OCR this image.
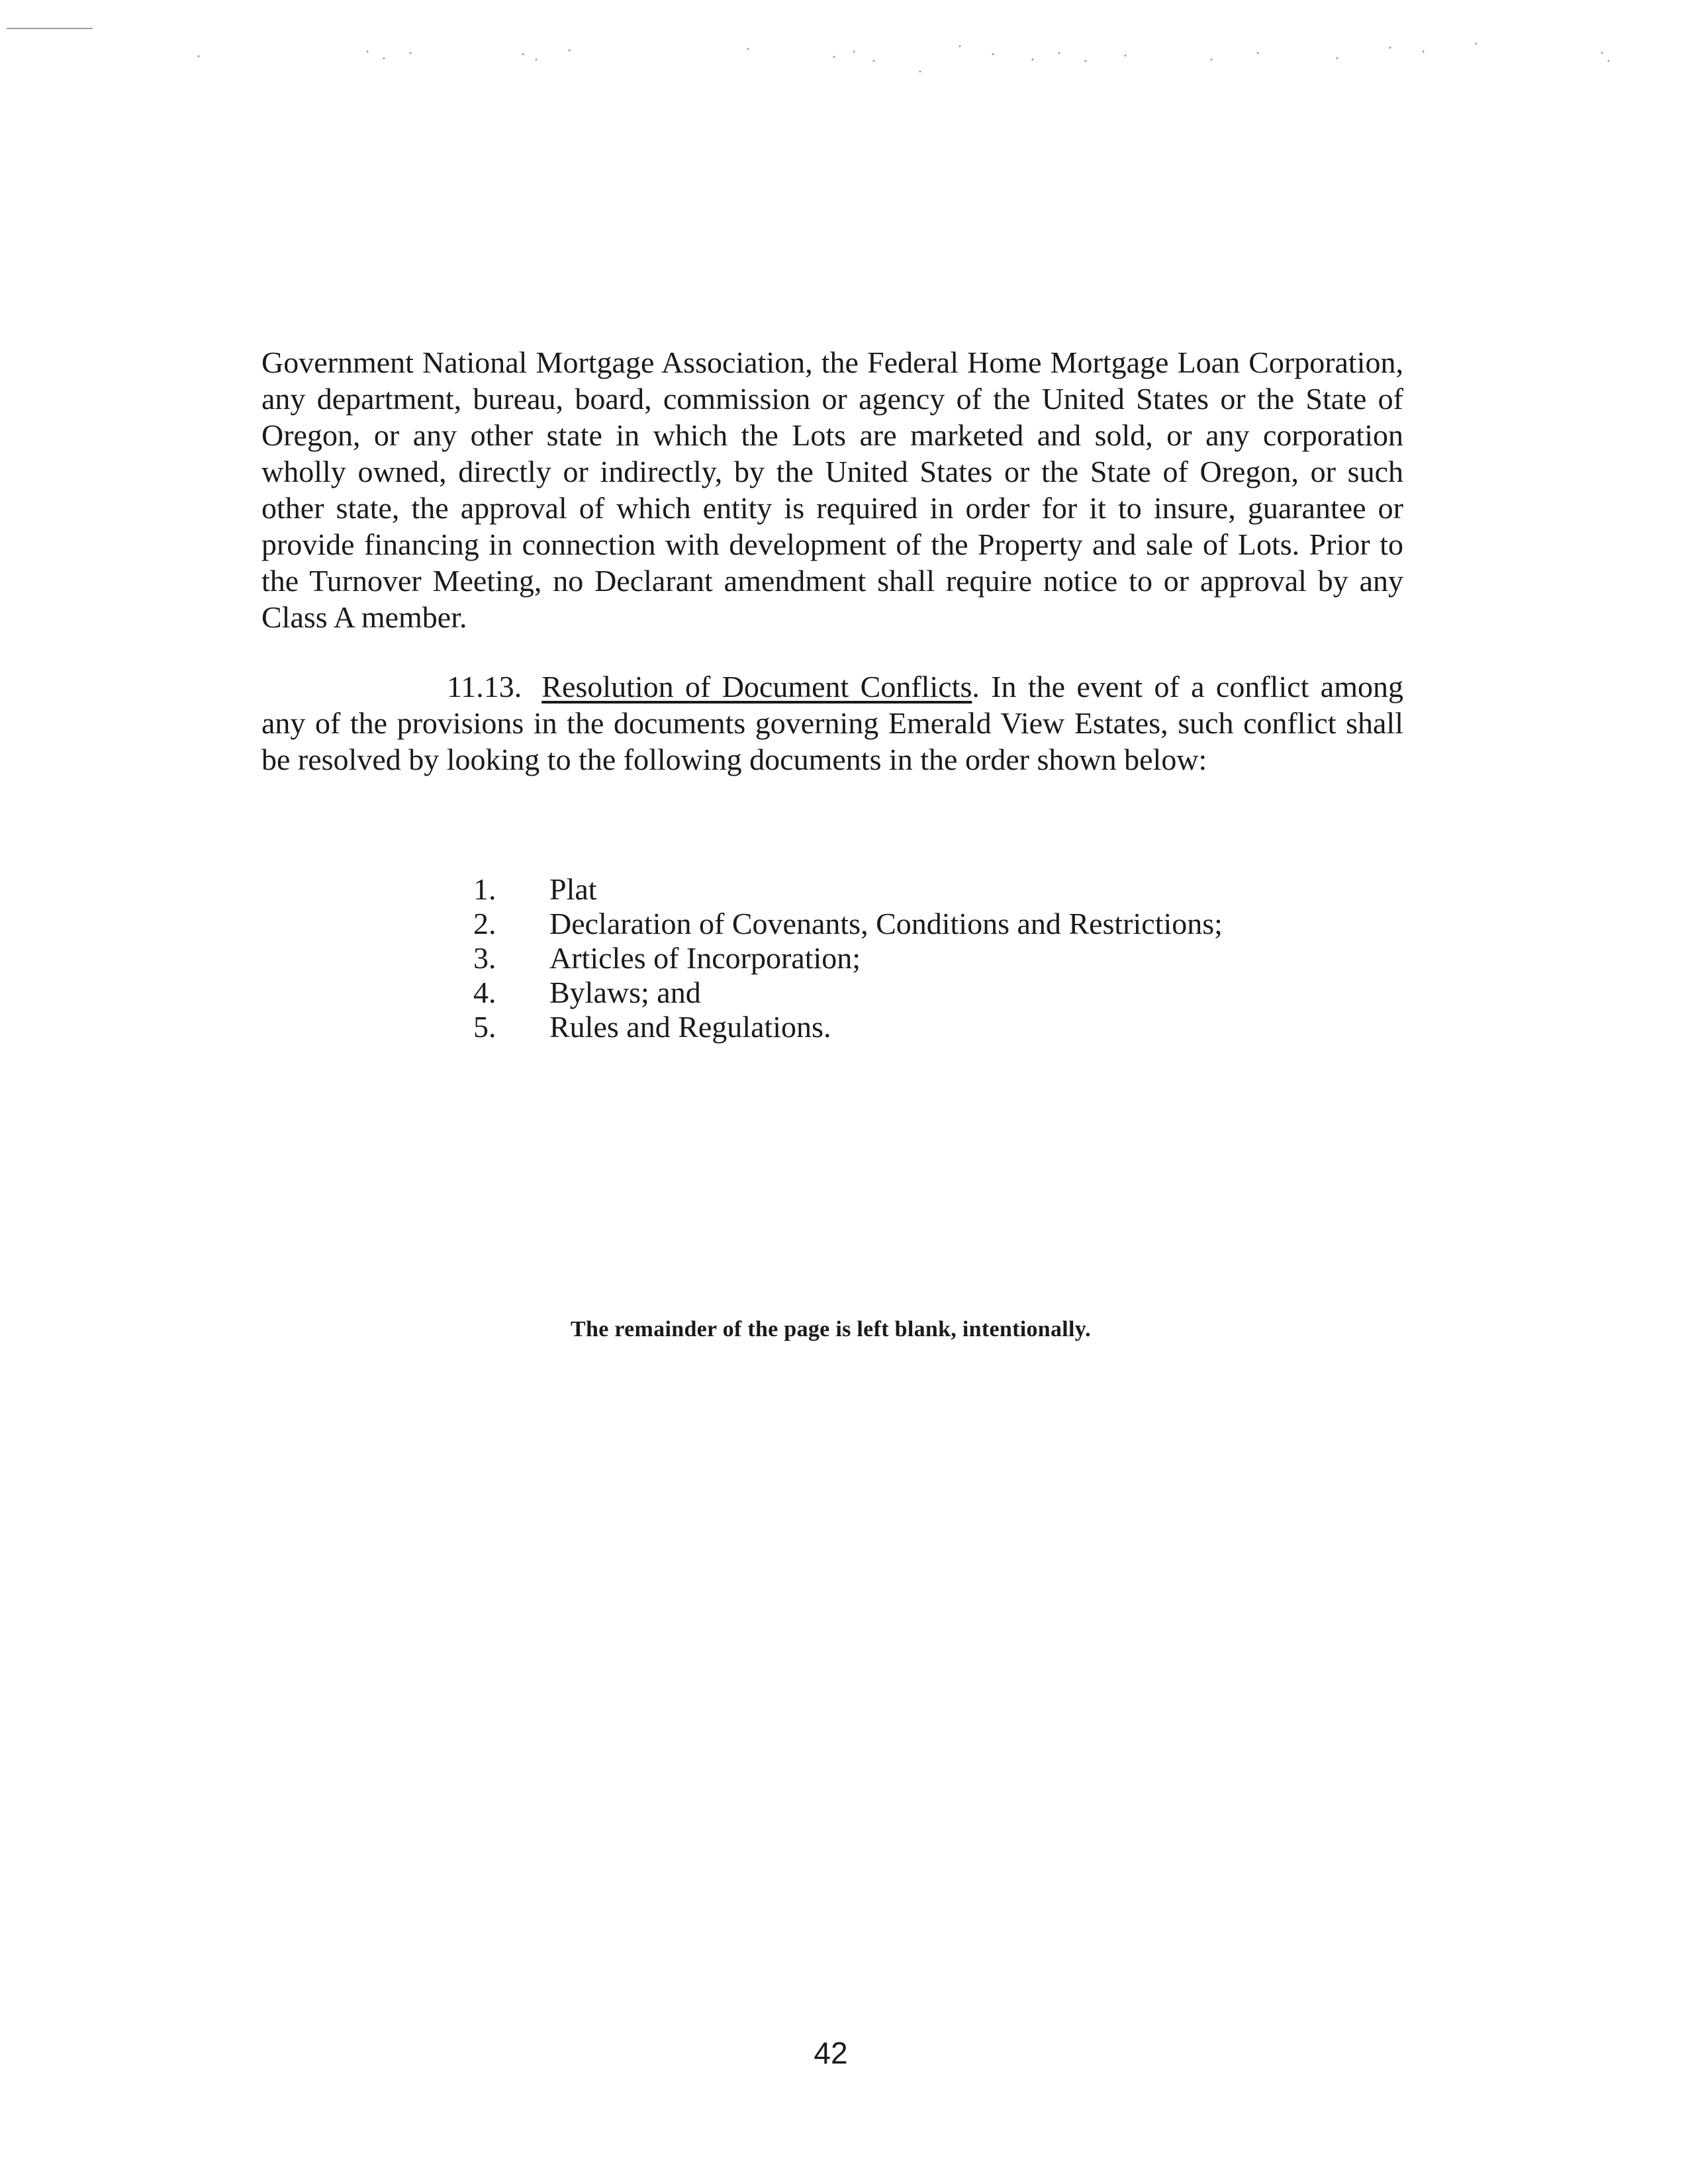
Government National Mortgage Association, the Federal Home Mortgage Loan Corporation, any department, bureau, board, commission or agency of the United States or the State of Oregon, or any other state in which the Lots are marketed and sold, or any corporation wholly owned, directly or indirectly, by the United States or the State of Oregon, or such other state, the approval of which entity is required in order for it to insure, guarantee or provide financing in connection with development of the Property and sale of Lots. Prior to the Turnover Meeting, no Declarant amendment shall require notice to or approval by any Class A member.

11.13. Resolution of Document Conflicts. In the event of a conflict among any of the provisions in the documents governing Emerald View Estates, such conflict shall be resolved by looking to the following documents in the order shown below:

1.	Plat
2.	Declaration of Covenants, Conditions and Restrictions;
3.	Articles of Incorporation;
4.	Bylaws; and
5.	Rules and Regulations.
The remainder of the page is left blank, intentionally.
42
